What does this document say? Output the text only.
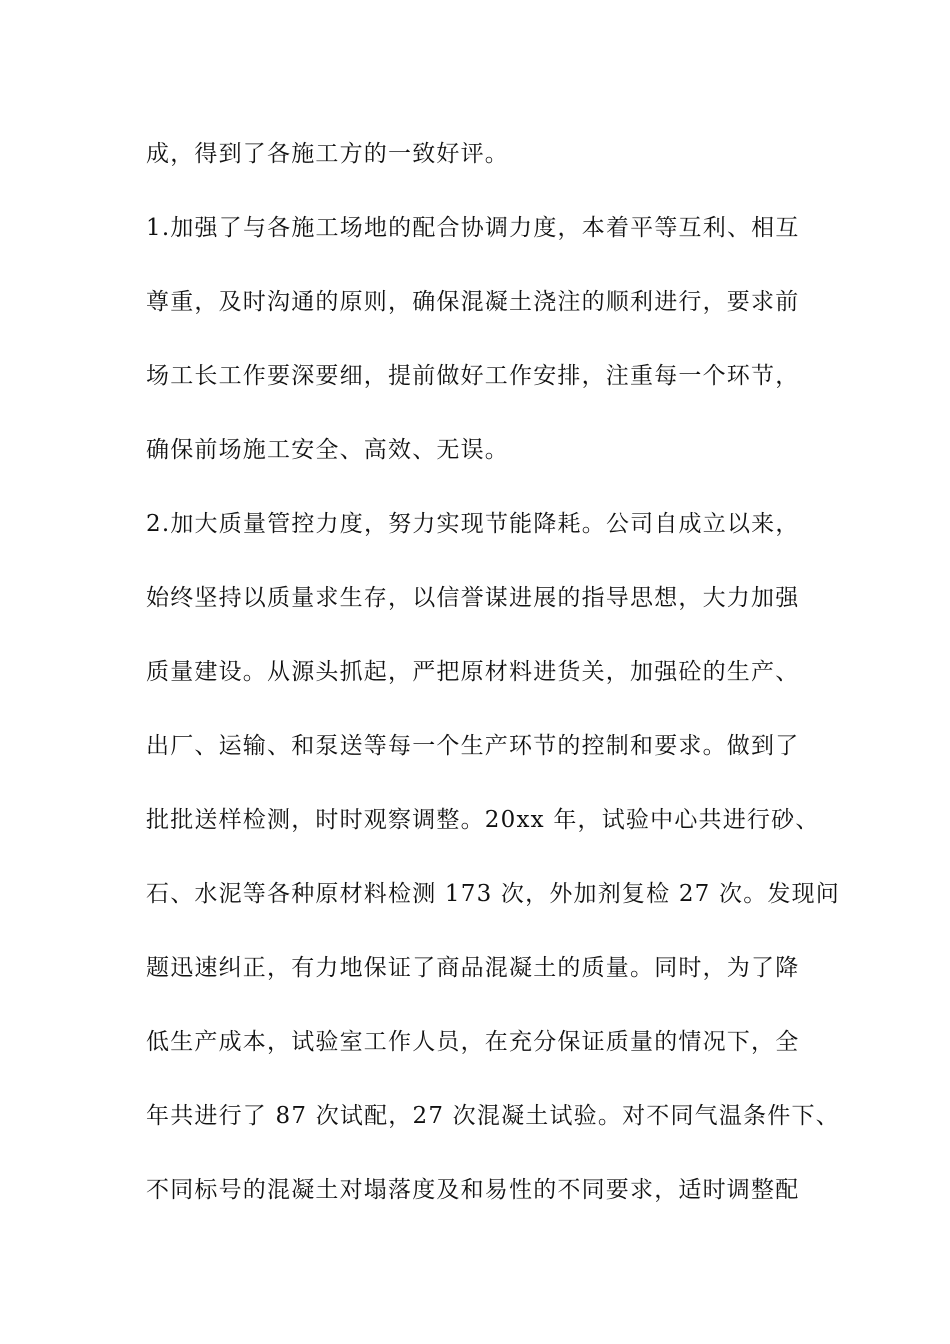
成，得到了各施工方的一致好评。
1.加强了与各施工场地的配合协调力度，本着平等互利、相互
尊重，及时沟通的原则，确保混凝土浇注的顺利进行，要求前
场工长工作要深要细，提前做好工作安排，注重每一个环节，
确保前场施工安全、高效、无误。
2.加大质量管控力度，努力实现节能降耗。公司自成立以来，
始终坚持以质量求生存，以信誉谋进展的指导思想，大力加强
质量建设。从源头抓起，严把原材料进货关，加强砼的生产、
出厂、运输、和泵送等每一个生产环节的控制和要求。做到了
批批送样检测，时时观察调整。20xx 年，试验中心共进行砂、
石、水泥等各种原材料检测 173 次，外加剂复检 27 次。发现问
题迅速纠正，有力地保证了商品混凝土的质量。同时，为了降
低生产成本，试验室工作人员，在充分保证质量的情况下，全
年共进行了 87 次试配，27 次混凝土试验。对不同气温条件下、
不同标号的混凝土对塌落度及和易性的不同要求，适时调整配
